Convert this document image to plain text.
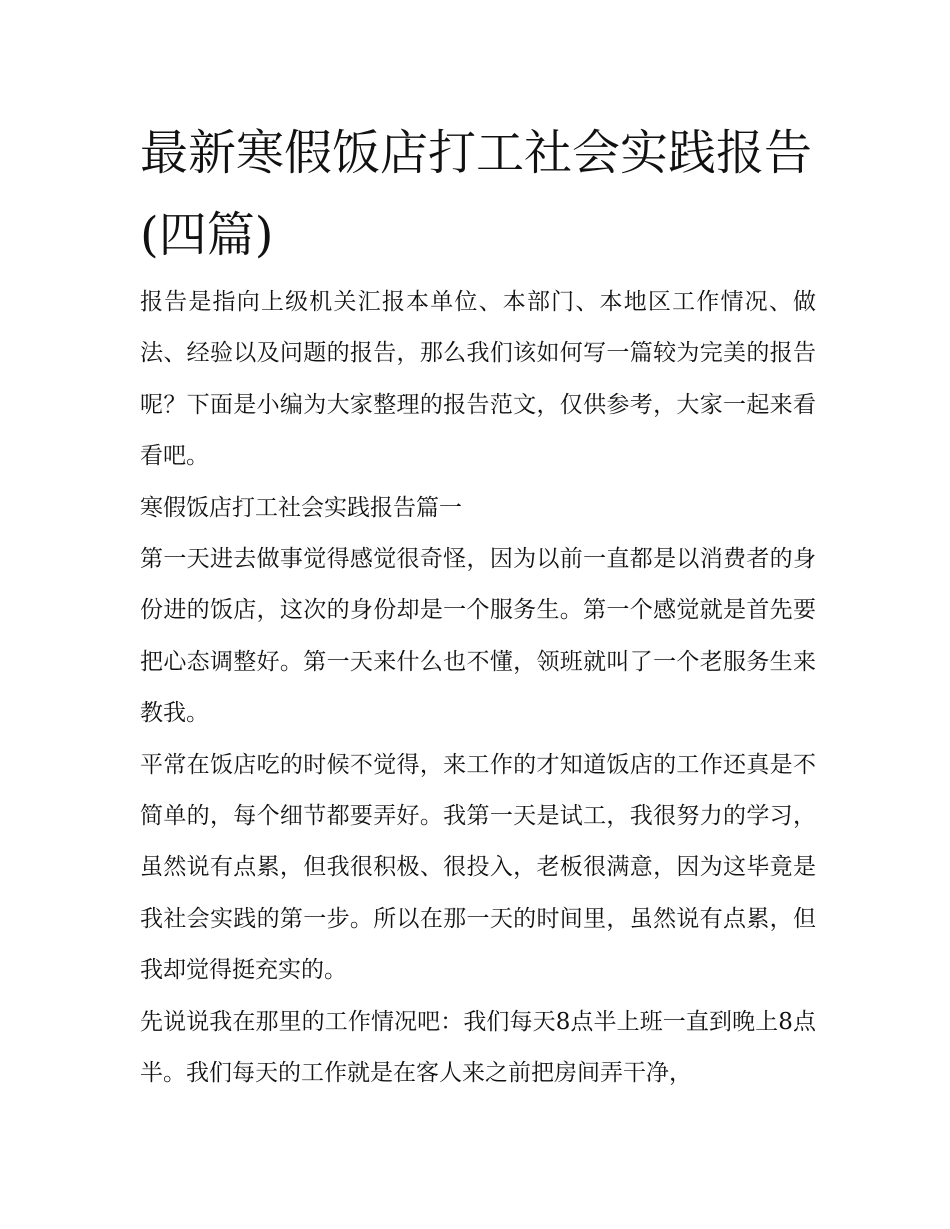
最新寒假饭店打工社会实践报告(四篇)

报告是指向上级机关汇报本单位、本部门、本地区工作情况、做法、经验以及问题的报告，那么我们该如何写一篇较为完美的报告呢？下面是小编为大家整理的报告范文，仅供参考，大家一起来看看吧。

寒假饭店打工社会实践报告篇一

第一天进去做事觉得感觉很奇怪，因为以前一直都是以消费者的身份进的饭店，这次的身份却是一个服务生。第一个感觉就是首先要把心态调整好。第一天来什么也不懂，领班就叫了一个老服务生来教我。

平常在饭店吃的时候不觉得，来工作的才知道饭店的工作还真是不简单的，每个细节都要弄好。我第一天是试工，我很努力的学习，虽然说有点累，但我很积极、很投入，老板很满意，因为这毕竟是我社会实践的第一步。所以在那一天的时间里，虽然说有点累，但我却觉得挺充实的。

先说说我在那里的工作情况吧：我们每天8点半上班一直到晚上8点半。我们每天的工作就是在客人来之前把房间弄干净，
